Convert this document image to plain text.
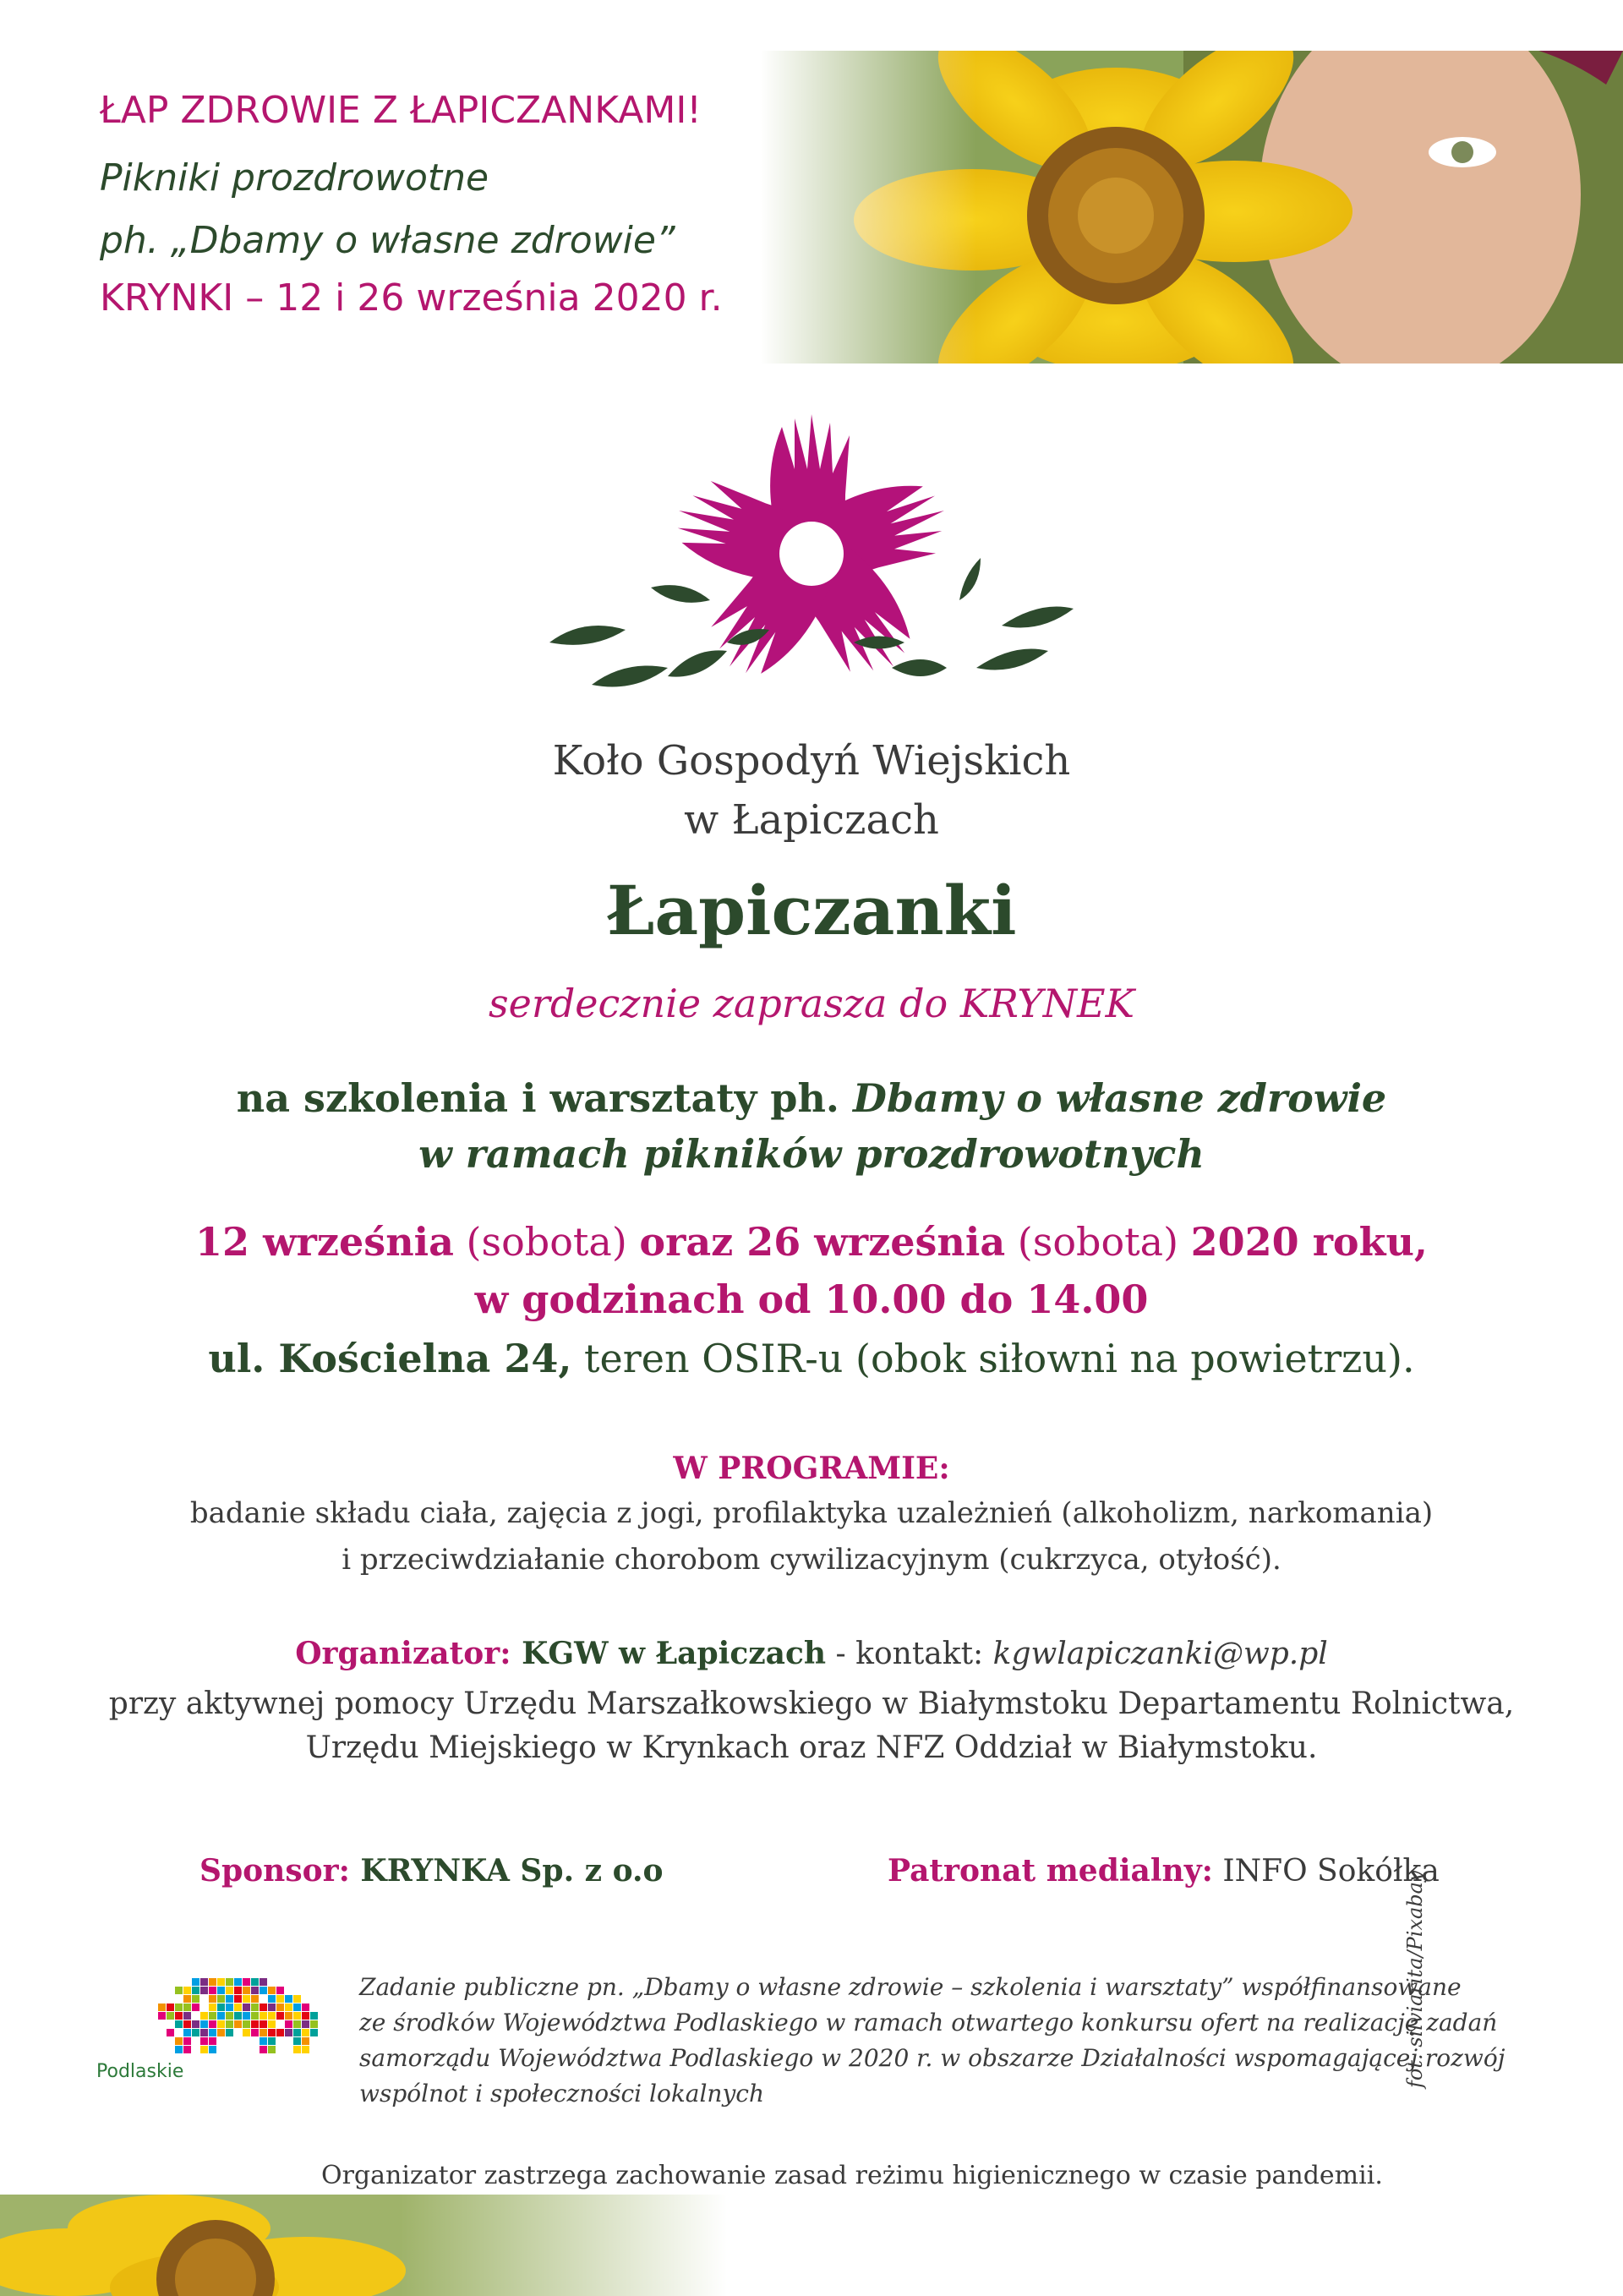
ŁAP ZDROWIE Z ŁAPICZANKAMI!
Pikniki prozdrowotne
ph. „Dbamy o własne zdrowie”
KRYNKI – 12 i 26 września 2020 r.
Koło Gospodyń Wiejskich
w Łapiczach
Łapiczanki
serdecznie zaprasza do KRYNEK
na szkolenia i warsztaty ph. Dbamy o własne zdrowie
w ramach pikników prozdrowotnych
12 września (sobota) oraz 26 września (sobota) 2020 roku,
w godzinach od 10.00 do 14.00
ul. Kościelna 24, teren OSIR-u (obok siłowni na powietrzu).
W PROGRAMIE:
badanie składu ciała, zajęcia z jogi, profilaktyka uzależnień (alkoholizm, narkomania)
i przeciwdziałanie chorobom cywilizacyjnym (cukrzyca, otyłość).
Organizator: KGW w Łapiczach - kontakt: kgwlapiczanki@wp.pl
przy aktywnej pomocy Urzędu Marszałkowskiego w Białymstoku Departamentu Rolnictwa,
Urzędu Miejskiego w Krynkach oraz NFZ Oddział w Białymstoku.
Sponsor: KRYNKA Sp. z o.o	Patronat medialny: INFO Sokółka
Podlaskie
Zadanie publiczne pn. „Dbamy o własne zdrowie – szkolenia i warsztaty” współfinansowane
ze środków Województwa Podlaskiego w ramach otwartego konkursu ofert na realizację zadań
samorządu Województwa Podlaskiego w 2020 r. w obszarze Działalności wspomagającej rozwój
wspólnot i społeczności lokalnych
fot. silviarita/Pixabay
Organizator zastrzega zachowanie zasad reżimu higienicznego w czasie pandemii.
